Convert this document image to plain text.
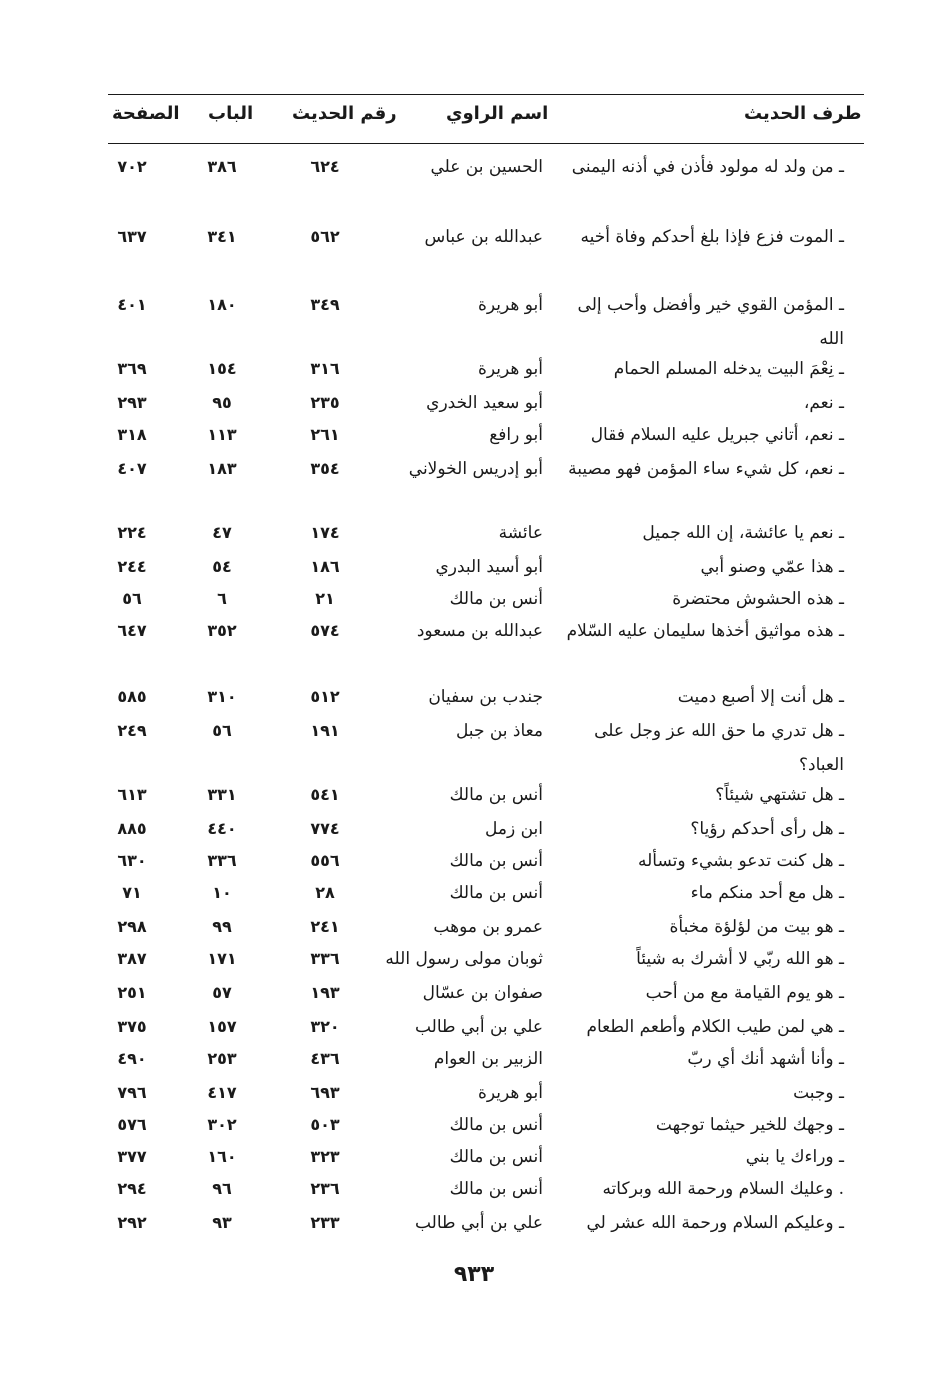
الصفحة الباب رقم الحديث	اسم الراوي	طرف الحديث
٧٠٢	٣٨٦	٦٢٤	الحسين بن علي	ـ من ولد له مولود فأذن في أذنه اليمنى
٦٣٧	٣٤١	٥٦٢	عبدالله بن عباس	ـ الموت فزع فإذا بلغ أحدكم وفاة أخيه
٤٠١	١٨٠	٣٤٩	أبو هريرة	ـ المؤمن القوي خير وأفضل وأحب إلى الله
٣٦٩	١٥٤	٣١٦	أبو هريرة	ـ نِعْمَ البيت يدخله المسلم الحمام
٢٩٣	٩٥	٢٣٥	أبو سعيد الخدري	ـ نعم،
٣١٨	١١٣	٢٦١	أبو رافع	ـ نعم، أتاني جبريل عليه السلام فقال
٤٠٧	١٨٣	٣٥٤	أبو إدريس الخولاني ـ نعم، كل شيء ساء المؤمن فهو مصيبة
٢٢٤	٤٧	١٧٤	عائشة	ـ نعم يا عائشة، إن الله جميل
٢٤٤	٥٤	١٨٦	أبو أسيد البدري	ـ هذا عمّي وصنو أبي
٥٦	٦	٢١	أنس بن مالك	ـ هذه الحشوش محتضرة
٦٤٧	٣٥٢	٥٧٤	عبدالله بن مسعود ـ هذه مواثيق أخذها سليمان عليه السّلام
٥٨٥	٣١٠	٥١٢	جندب بن سفيان	ـ هل أنت إلا أصبع دميت
٢٤٩	٥٦	١٩١	معاذ بن جبل	ـ هل تدري ما حق الله عز وجل على العباد؟
٦١٣	٣٣١	٥٤١	أنس بن مالك	ـ هل تشتهي شيئاً؟
٨٨٥	٤٤٠	٧٧٤	ابن زمل	ـ هل رأى أحدكم رؤيا؟
٦٣٠	٣٣٦	٥٥٦	أنس بن مالك	ـ هل كنت تدعو بشيء وتسأله
٧١	١٠	٢٨	أنس بن مالك	ـ هل مع أحد منكم ماء
٢٩٨	٩٩	٢٤١	عمرو بن موهب	ـ هو بيت من لؤلؤة مخبأة
٣٨٧	١٧١	٣٣٦	ثوبان مولى رسول الله	ـ هو الله ربّي لا أشرك به شيئاً
٢٥١	٥٧	١٩٣	صفوان بن عسّال	ـ هو يوم القيامة مع من أحب
٣٧٥	١٥٧	٣٢٠	علي بن أبي طالب	ـ هي لمن طيب الكلام وأطعم الطعام
٤٩٠	٢٥٣	٤٣٦	الزبير بن العوام	ـ وأنا أشهد أنك أي ربّ
٧٩٦	٤١٧	٦٩٣	أبو هريرة	ـ وجبت
٥٧٦	٣٠٢	٥٠٣	أنس بن مالك	ـ وجهك للخير حيثما توجهت
٣٧٧	١٦٠	٣٢٣	أنس بن مالك	ـ وراءك يا بني
٢٩٤	٩٦	٢٣٦	أنس بن مالك	. وعليك السلام ورحمة الله وبركاته
٢٩٢	٩٣	٢٣٣	علي بن أبي طالب	ـ وعليكم السلام ورحمة الله عشر لي
٩٣٣
